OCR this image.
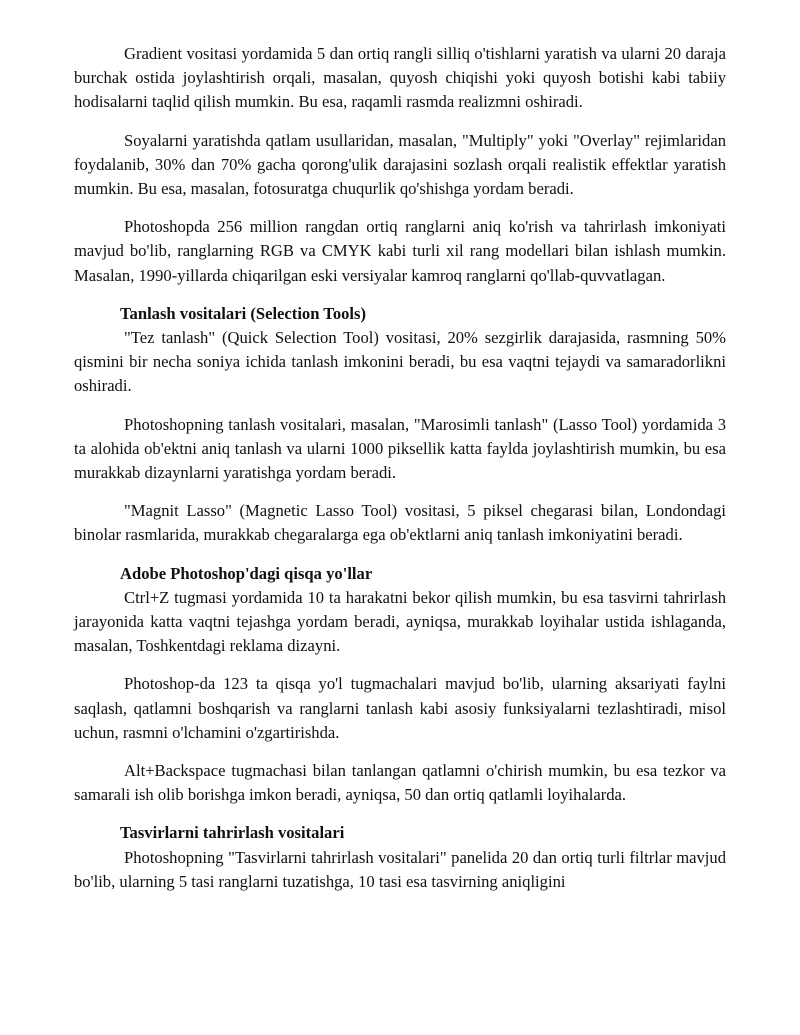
Gradient vositasi yordamida 5 dan ortiq rangli silliq o'tishlarni yaratish va ularni 20 daraja burchak ostida joylashtirish orqali, masalan, quyosh chiqishi yoki quyosh botishi kabi tabiiy hodisalarni taqlid qilish mumkin. Bu esa, raqamli rasmda realizmni oshiradi.

Soyalarni yaratishda qatlam usullaridan, masalan, "Multiply" yoki "Overlay" rejimlaridan foydalanib, 30% dan 70% gacha qorong'ulik darajasini sozlash orqali realistik effektlar yaratish mumkin. Bu esa, masalan, fotosuratga chuqurlik qo'shishga yordam beradi.

Photoshopda 256 million rangdan ortiq ranglarni aniq ko'rish va tahrirlash imkoniyati mavjud bo'lib, ranglarning RGB va CMYK kabi turli xil rang modellari bilan ishlash mumkin. Masalan, 1990-yillarda chiqarilgan eski versiyalar kamroq ranglarni qo'llab-quvvatlagan.

Tanlash vositalari (Selection Tools)

"Tez tanlash" (Quick Selection Tool) vositasi, 20% sezgirlik darajasida, rasmning 50% qismini bir necha soniya ichida tanlash imkonini beradi, bu esa vaqtni tejaydi va samaradorlikni oshiradi.

Photoshopning tanlash vositalari, masalan, "Marosimli tanlash" (Lasso Tool) yordamida 3 ta alohida ob'ektni aniq tanlash va ularni 1000 piksellik katta faylda joylashtirish mumkin, bu esa murakkab dizaynlarni yaratishga yordam beradi.

"Magnit Lasso" (Magnetic Lasso Tool) vositasi, 5 piksel chegarasi bilan, Londondagi binolar rasmlarida, murakkab chegaralarga ega ob'ektlarni aniq tanlash imkoniyatini beradi.

Adobe Photoshop'dagi qisqa yo'llar

Ctrl+Z tugmasi yordamida 10 ta harakatni bekor qilish mumkin, bu esa tasvirni tahrirlash jarayonida katta vaqtni tejashga yordam beradi, ayniqsa, murakkab loyihalar ustida ishlaganda, masalan, Toshkentdagi reklama dizayni.

Photoshop-da 123 ta qisqa yo'l tugmachalari mavjud bo'lib, ularning aksariyati faylni saqlash, qatlamni boshqarish va ranglarni tanlash kabi asosiy funksiyalarni tezlashtiradi, misol uchun, rasmni o'lchamini o'zgartirishda.

Alt+Backspace tugmachasi bilan tanlangan qatlamni o'chirish mumkin, bu esa tezkor va samarali ish olib borishga imkon beradi, ayniqsa, 50 dan ortiq qatlamli loyihalarda.

Tasvirlarni tahrirlash vositalari

Photoshopning "Tasvirlarni tahrirlash vositalari" panelida 20 dan ortiq turli filtrlar mavjud bo'lib, ularning 5 tasi ranglarni tuzatishga, 10 tasi esa tasvirning aniqligini
